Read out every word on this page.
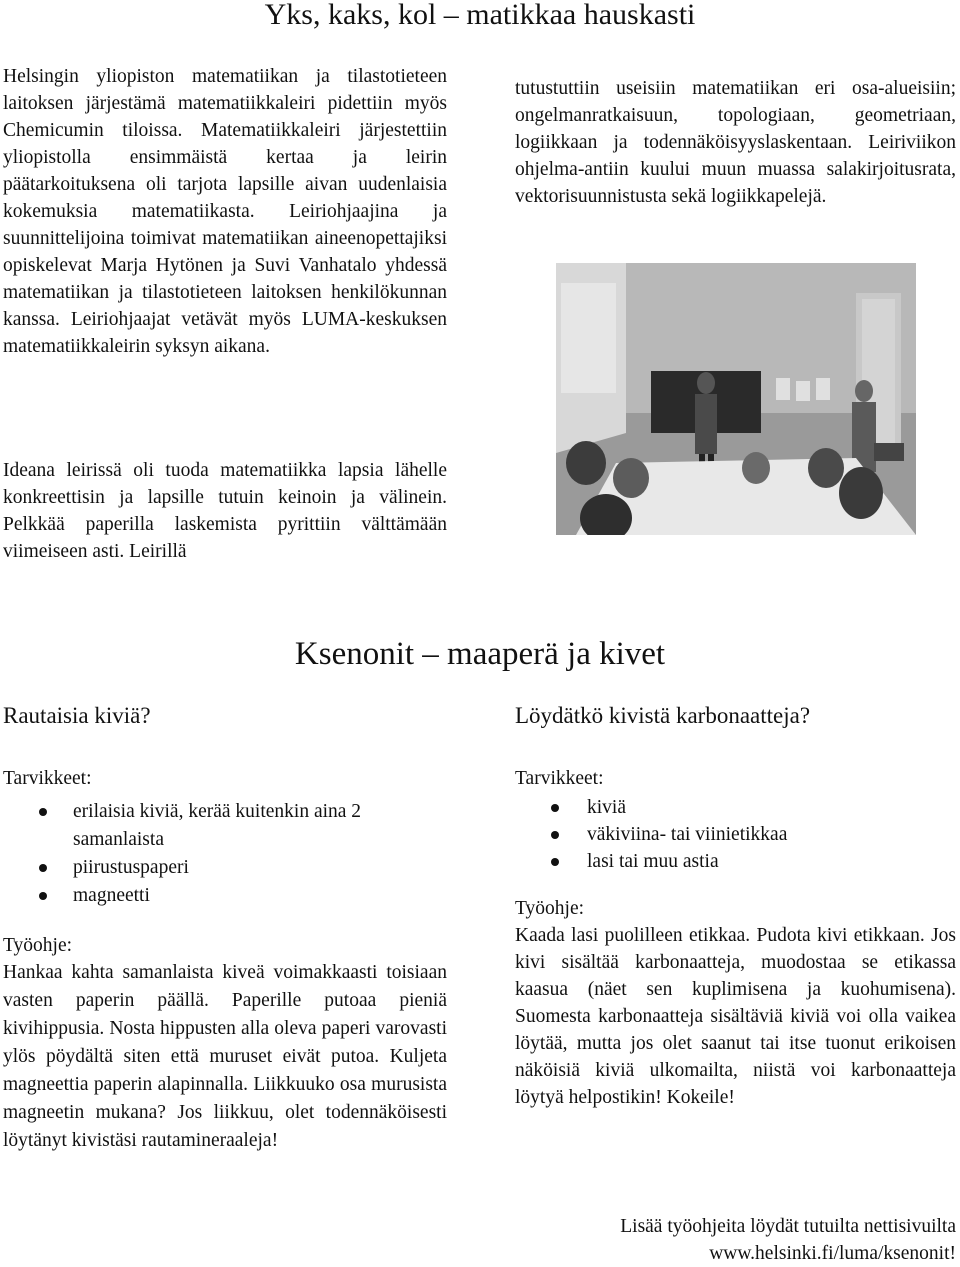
Yks, kaks, kol – matikkaa hauskasti

Helsingin yliopiston matematiikan ja tilastotieteen laitoksen järjestämä matematiikkaleiri pidettiin myös Chemicumin tiloissa. Matematiikkaleiri järjestettiin yliopistolla ensimmäistä kertaa ja leirin päätarkoituksena oli tarjota lapsille aivan uudenlaisia kokemuksia matematiikasta. Leiriohjaajina ja suunnittelijoina toimivat matematiikan aineenopettajiksi opiskelevat Marja Hytönen ja Suvi Vanhatalo yhdessä matematiikan ja tilastotieteen laitoksen henkilökunnan kanssa. Leiriohjaajat vetävät myös LUMA-keskuksen matematiikkaleirin syksyn aikana.

Ideana leirissä oli tuoda matematiikka lapsia lähelle konkreettisin ja lapsille tutuin keinoin ja välinein. Pelkkää paperilla laskemista pyrittiin välttämään viimeiseen asti. Leirillä

tutustuttiin useisiin matematiikan eri osa-alueisiin; ongelmanratkaisuun, topologiaan, geometriaan, logiikkaan ja todennäköisyyslaskentaan. Leiriviikon ohjelma-antiin kuului muun muassa salakirjoitusrata, vektorisuunnistusta sekä logiikkapelejä.

Ksenonit – maaperä ja kivet
Rautaisia kiviä?

Tarvikkeet:

erilaisia kiviä, kerää kuitenkin aina 2 samanlaista
piirustuspaperi
magneetti

Työohje:

Hankaa kahta samanlaista kiveä voimakkaasti toisiaan vasten paperin päällä. Paperille putoaa pieniä kivihippusia. Nosta hippusten alla oleva paperi varovasti ylös pöydältä siten että muruset eivät putoa. Kuljeta magneettia paperin alapinnalla. Liikkuuko osa murusista magneetin mukana? Jos liikkuu, olet todennäköisesti löytänyt kivistäsi rautamineraaleja!

Löydätkö kivistä karbonaatteja?

Tarvikkeet:

kiviä
väkiviina- tai viinietikkaa
lasi tai muu astia

Työohje:

Kaada lasi puolilleen etikkaa. Pudota kivi etikkaan. Jos kivi sisältää karbonaatteja, muodostaa se etikassa kaasua (näet sen kuplimisena ja kuohumisena). Suomesta karbonaatteja sisältäviä kiviä voi olla vaikea löytää, mutta jos olet saanut tai itse tuonut erikoisen näköisiä kiviä ulkomailta, niistä voi karbonaatteja löytyä helpostikin! Kokeile!

Lisää työohjeita löydät tutuilta nettisivuilta
www.helsinki.fi/luma/ksenonit!
